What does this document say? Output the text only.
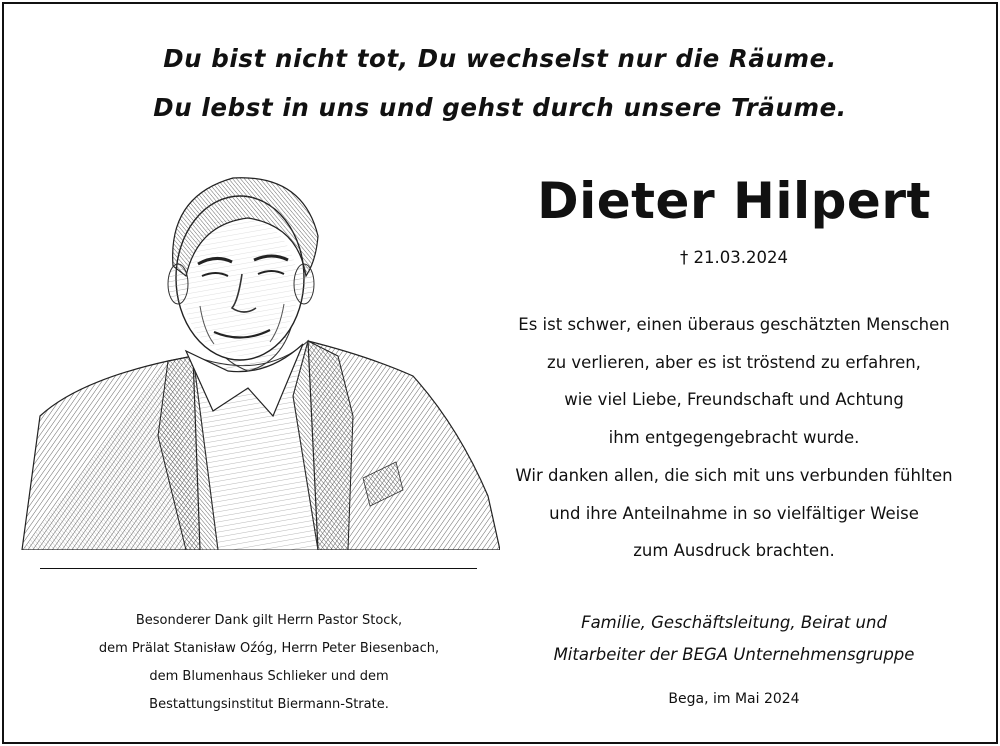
Du bist nicht tot, Du wechselst nur die Räume.
Du lebst in uns und gehst durch unsere Träume.
Dieter Hilpert
† 21.03.2024
Es ist schwer, einen überaus geschätzten Menschen
zu verlieren, aber es ist tröstend zu erfahren,
wie viel Liebe, Freundschaft und Achtung
ihm entgegengebracht wurde.
Wir danken allen, die sich mit uns verbunden fühlten
und ihre Anteilnahme in so vielfältiger Weise
zum Ausdruck brachten.
Besonderer Dank gilt Herrn Pastor Stock,
dem Prälat Stanisław Oźóg, Herrn Peter Biesenbach,
dem Blumenhaus Schlieker und dem
Bestattungsinstitut Biermann-Strate.
Familie, Geschäftsleitung, Beirat und
Mitarbeiter der BEGA Unternehmensgruppe
Bega, im Mai 2024
